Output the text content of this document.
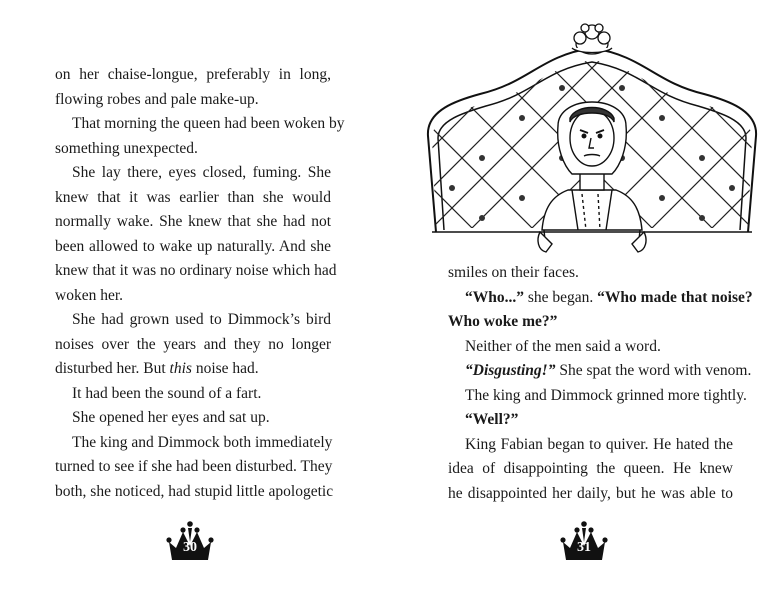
on her chaise-longue, preferably in long,
flowing robes and pale make-up.
That morning the queen had been woken by
something unexpected.
She lay there, eyes closed, fuming. She
knew that it was earlier than she would
normally wake. She knew that she had not
been allowed to wake up naturally. And she
knew that it was no ordinary noise which had
woken her.
She had grown used to Dimmock’s bird
noises over the years and they no longer
disturbed her. But this noise had.
It had been the sound of a fart.
She opened her eyes and sat up.
The king and Dimmock both immediately
turned to see if she had been disturbed. They
both, she noticed, had stupid little apologetic
30
smiles on their faces.
“Who...” she began. “Who made that noise?
Who woke me?”
Neither of the men said a word.
“Disgusting!” She spat the word with venom.
The king and Dimmock grinned more tightly.
“Well?”
King Fabian began to quiver. He hated the
idea of disappointing the queen. He knew
he disappointed her daily, but he was able to
31
